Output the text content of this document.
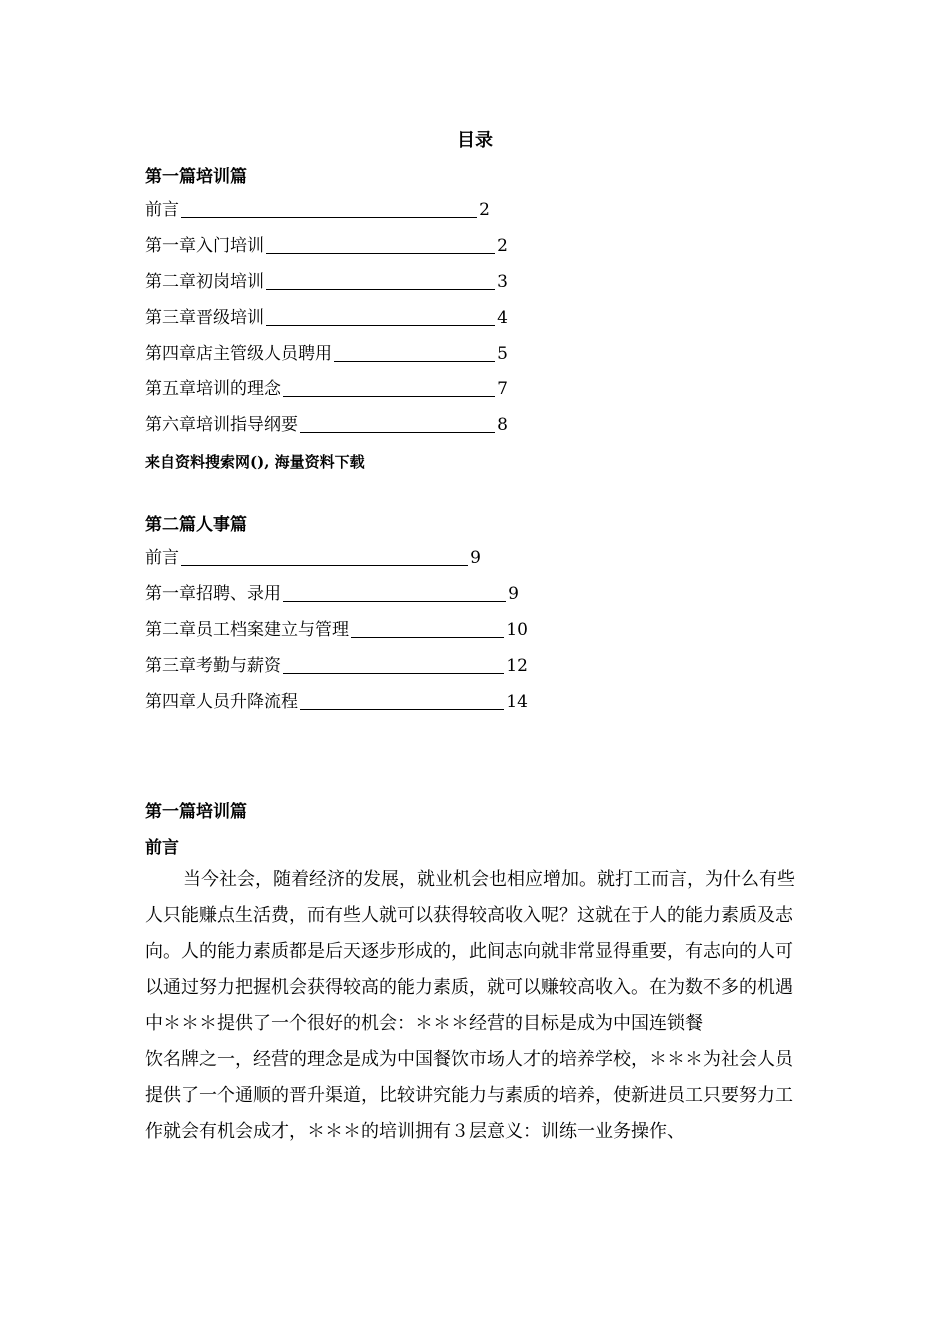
目录
第一篇培训篇
前言	2
第一章入门培训	2
第二章初岗培训	3
第三章晋级培训	4
第四章店主管级人员聘用	5
第五章培训的理念	7
第六章培训指导纲要	8
来自资料搜索网(), 海量资料下载
第二篇人事篇
前言	9
第一章招聘、录用	9
第二章员工档案建立与管理	10
第三章考勤与薪资	12
第四章人员升降流程	14
第一篇培训篇
前言

当今社会，随着经济的发展，就业机会也相应增加。就打工而言，为什么有些人只能赚点生活费，而有些人就可以获得较高收入呢？这就在于人的能力素质及志向。人的能力素质都是后天逐步形成的，此间志向就非常显得重要，有志向的人可以通过努力把握机会获得较高的能力素质，就可以赚较高收入。在为数不多的机遇中＊＊＊提供了一个很好的机会：＊＊＊经营的目标是成为中国连锁餐

饮名牌之一，经营的理念是成为中国餐饮市场人才的培养学校，＊＊＊为社会人员提供了一个通顺的晋升渠道，比较讲究能力与素质的培养，使新进员工只要努力工作就会有机会成才，＊＊＊的培训拥有３层意义：训练一业务操作、
